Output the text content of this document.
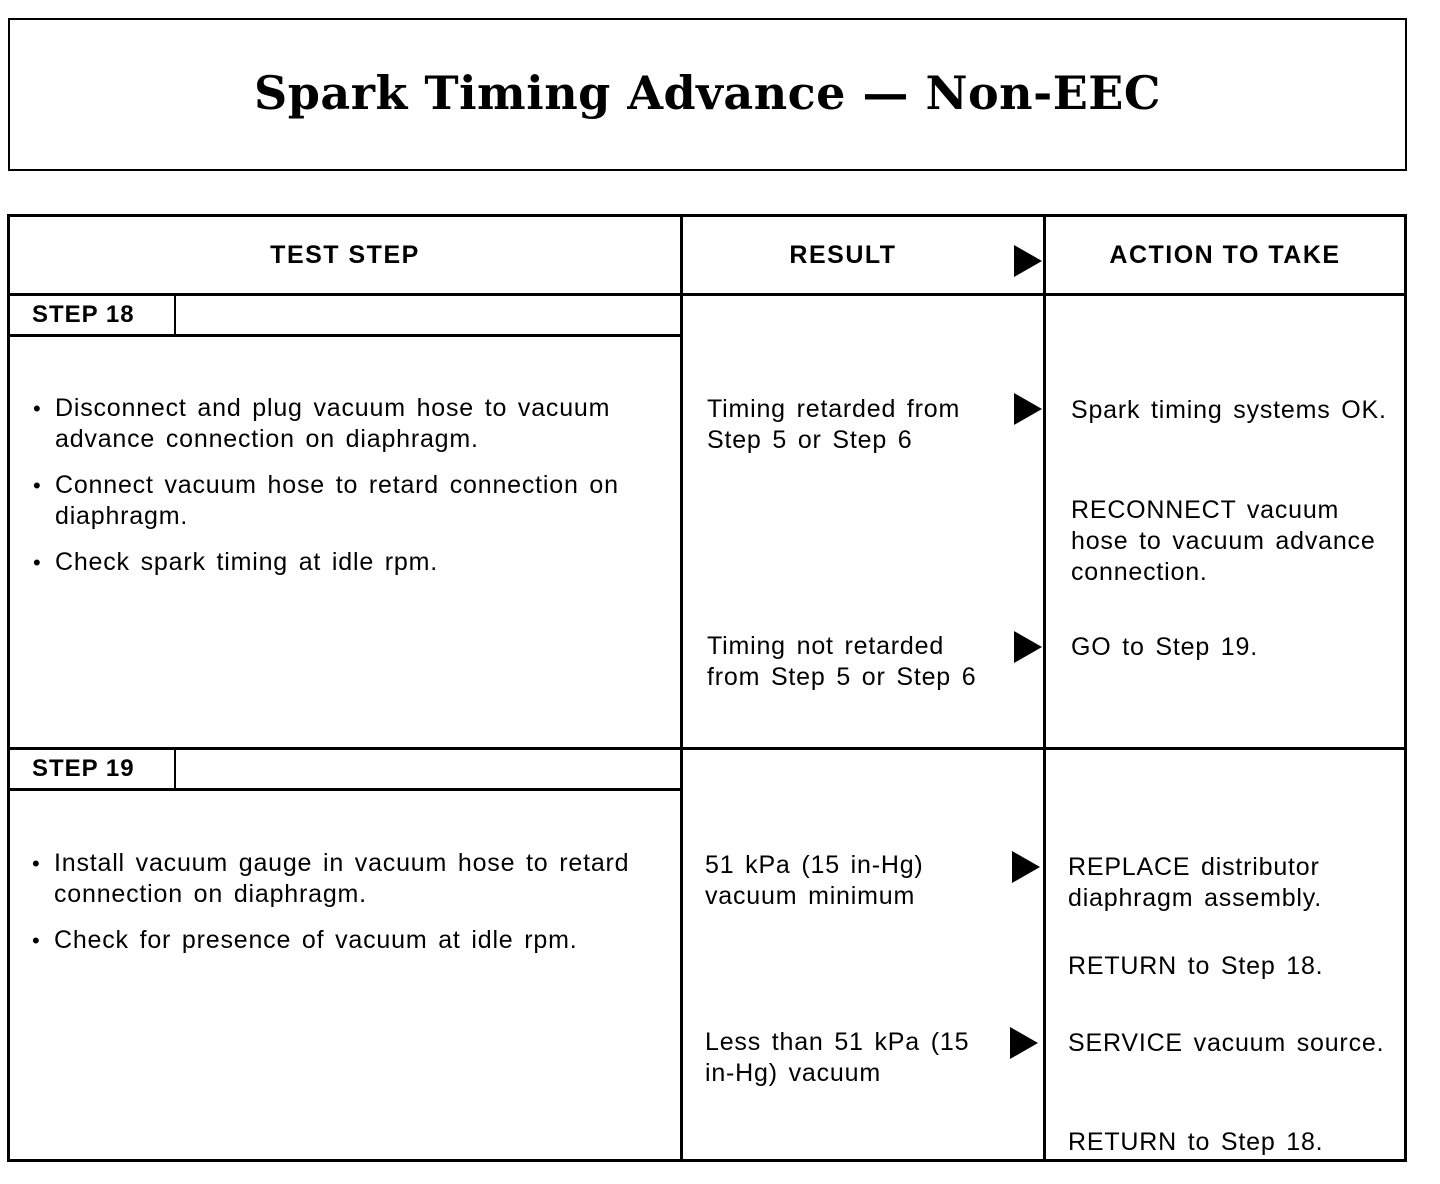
Spark Timing Advance — Non-EEC
TEST STEP	RESULT	ACTION TO TAKE
STEP 18
• Disconnect and plug vacuum hose to vacuum advance connection on diaphragm.
• Connect vacuum hose to retard connection on diaphragm.
• Check spark timing at idle rpm.
Timing retarded from Step 5 or Step 6
Spark timing systems OK.
RECONNECT vacuum hose to vacuum advance connection.
Timing not retarded from Step 5 or Step 6
GO to Step 19.
STEP 19
• Install vacuum gauge in vacuum hose to retard connection on diaphragm.
• Check for presence of vacuum at idle rpm.
51 kPa (15 in-Hg) vacuum minimum
REPLACE distributor diaphragm assembly.
RETURN to Step 18.
Less than 51 kPa (15 in-Hg) vacuum
SERVICE vacuum source.
RETURN to Step 18.
